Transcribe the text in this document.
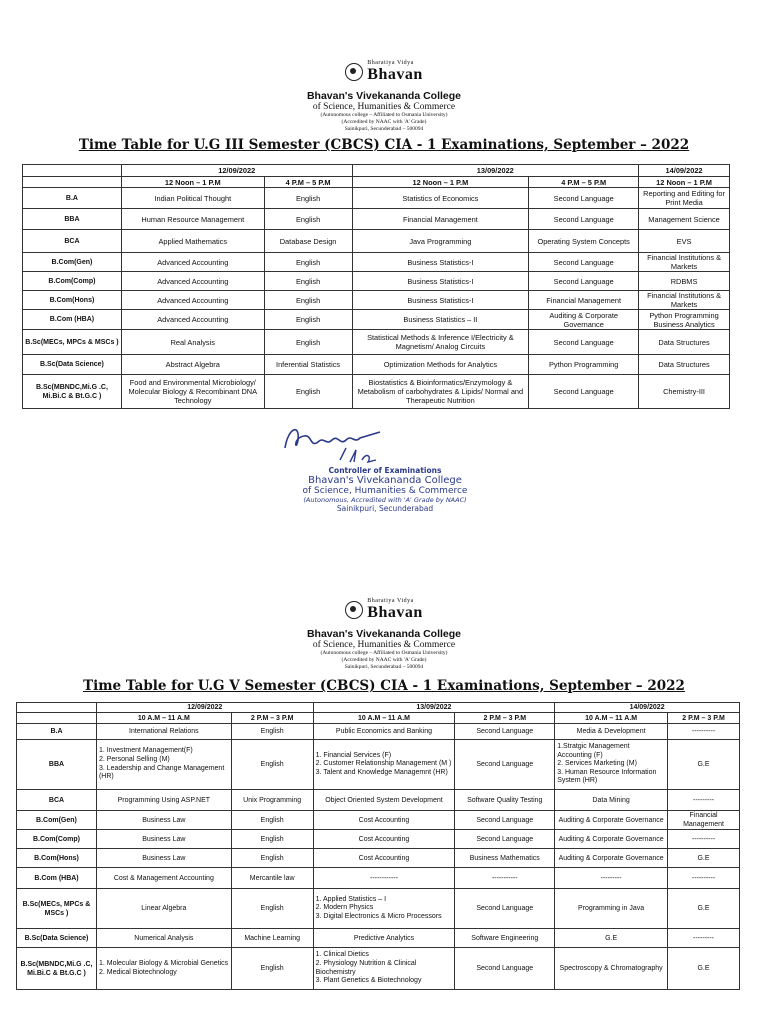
Bharatiya Vidya
Bhavan
Bhavan's Vivekananda College
of Science, Humanities & Commerce
(Autonomous college – Affiliated to Osmania University)
(Accredited by NAAC with 'A' Grade)
Sainikpuri, Secunderabad – 500094
Time Table for U.G III Semester (CBCS) CIA - 1 Examinations, September – 2022
	12/09/2022		13/09/2022		14/09/2022
	12 Noon – 1 P.M	4 P.M – 5 P.M	12 Noon – 1 P.M	4 P.M – 5 P.M	12 Noon – 1 P.M
B.A	Indian Political Thought	English	Statistics of Economics	Second Language	Reporting and Editing for Print Media
BBA	Human Resource Management	English	Financial Management	Second Language	Management Science
BCA	Applied Mathematics	Database Design	Java Programming	Operating System Concepts	EVS
B.Com(Gen)	Advanced Accounting	English	Business Statistics-I	Second Language	Financial Institutions & Markets
B.Com(Comp)	Advanced Accounting	English	Business Statistics-I	Second Language	RDBMS
B.Com(Hons)	Advanced Accounting	English	Business Statistics-I	Financial Management	Financial Institutions & Markets
B.Com (HBA)	Advanced Accounting	English	Business Statistics – II	Auditing & Corporate Governance	Python Programming Business Analytics
B.Sc(MECs, MPCs & MSCs )	Real Analysis	English	Statistical Methods & Inference I/Electricity & Magnetism/ Analog Circuits	Second Language	Data Structures
B.Sc(Data Science)	Abstract Algebra	Inferential Statistics	Optimization Methods for Analytics	Python Programming	Data Structures
B.Sc(MBNDC,Mi.G .C, Mi.Bi.C & Bt.G.C )	Food and Environmental Microbiology/ Molecular Biology & Recombinant DNA Technology	English	Biostatistics & Bioinformatics/Enzymology & Metabolism of carbohydrates & Lipids/ Normal and Therapeutic Nutrition	Second Language	Chemistry-III
Controller of Examinations
Bhavan's Vivekananda College
of Science, Humanities & Commerce
(Autonomous, Accredited with 'A' Grade by NAAC)
Sainikpuri, Secunderabad
Bharatiya Vidya
Bhavan
Bhavan's Vivekananda College
of Science, Humanities & Commerce
(Autonomous college – Affiliated to Osmania University)
(Accredited by NAAC with 'A' Grade)
Sainikpuri, Secunderabad – 500094
Time Table for U.G V Semester (CBCS) CIA - 1 Examinations, September – 2022
	12/09/2022		13/09/2022		14/09/2022	
	10 A.M – 11 A.M	2 P.M – 3 P.M	10 A.M – 11 A.M	2 P.M – 3 P.M	10 A.M – 11 A.M	2 P.M – 3 P.M
B.A	International Relations	English	Public Economics and Banking	Second Language	Media & Development	----------
BBA	1. Investment Management(F)
2. Personal Selling (M)
3. Leadership and Change Management (HR)	English	1. Financial Services (F)
2. Customer Relationship Management (M )
3. Talent and Knowledge Managemnt (HR)	Second Language	1.Stratgic Management Accounting (F)
2. Services Marketing (M)
3. Human Resource Information System (HR)	G.E
BCA	Programming Using ASP.NET	Unix Programming	Object Oriented System Development	Software Quality Testing	Data Mining	---------
B.Com(Gen)	Business Law	English	Cost Accounting	Second Language	Auditing & Corporate Governance	Financial Management
B.Com(Comp)	Business Law	English	Cost Accounting	Second Language	Auditing & Corporate Governance	----------
B.Com(Hons)	Business Law	English	Cost Accounting	Business Mathematics	Auditing & Corporate Governance	G.E
B.Com (HBA)	Cost & Management Accounting	Mercantile law	------------	-----------	---------	----------
B.Sc(MECs, MPCs & MSCs )	Linear Algebra	English	1. Applied Statistics – I
2. Modern Physics
3. Digital Electronics & Micro Processors	Second Language	Programming in Java	G.E
B.Sc(Data Science)	Numerical Analysis	Machine Learning	Predictive Analytics	Software Engineering	G.E	---------
B.Sc(MBNDC,Mi.G .C, Mi.Bi.C & Bt.G.C )	1. Molecular Biology & Microbial Genetics
2. Medical Biotechnology	English	1. Clinical Dietics
2. Physiology Nutrition & Clinical Biochemistry
3. Plant Genetics & Biotechnology	Second Language	Spectroscopy & Chromatography	G.E
